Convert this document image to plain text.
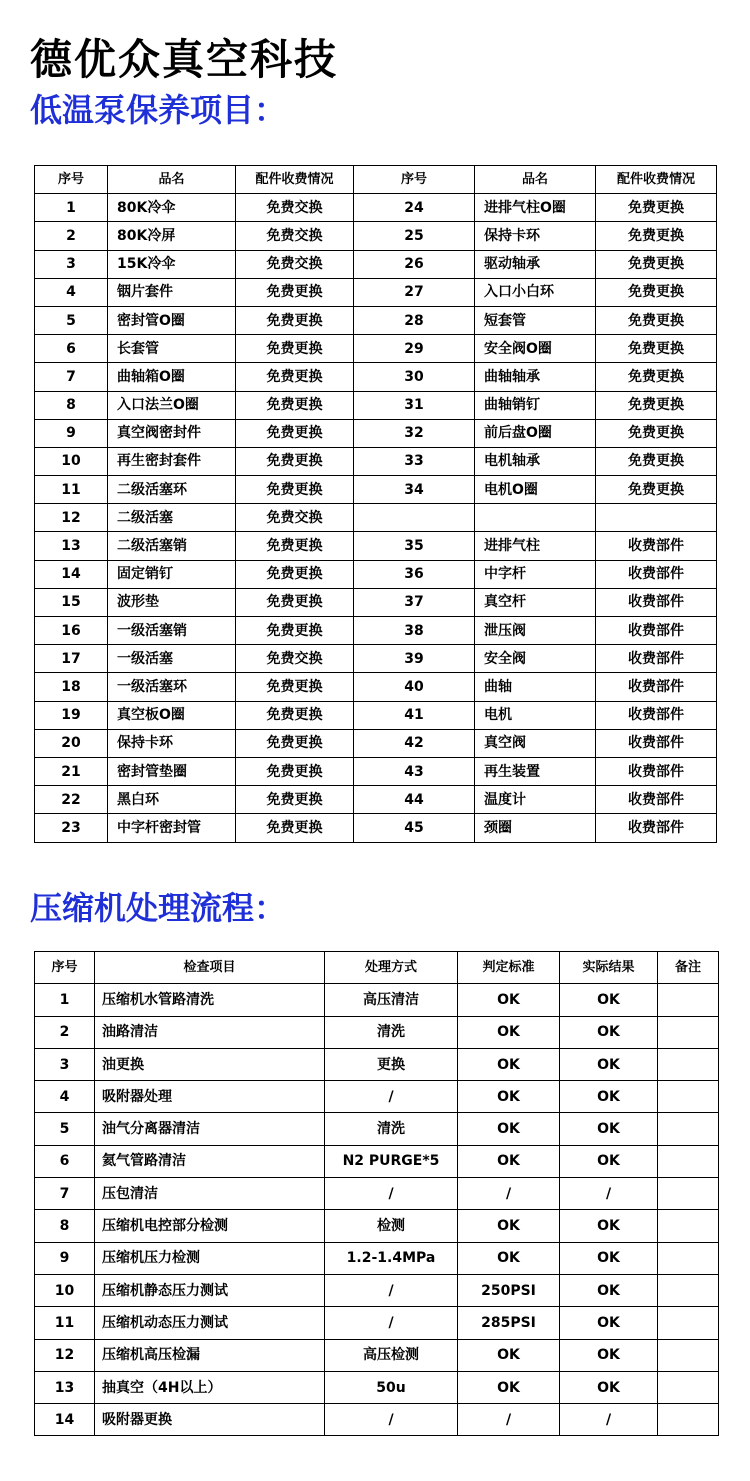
德优众真空科技
低温泵保养项目：
序号	品名	配件收费情况	序号	品名	配件收费情况
1	80K冷伞	免费交换	24	进排气柱O圈	免费更换
2	80K冷屏	免费交换	25	保持卡环	免费更换
3	15K冷伞	免费交换	26	驱动轴承	免费更换
4	铟片套件	免费更换	27	入口小白环	免费更换
5	密封管O圈	免费更换	28	短套管	免费更换
6	长套管	免费更换	29	安全阀O圈	免费更换
7	曲轴箱O圈	免费更换	30	曲轴轴承	免费更换
8	入口法兰O圈	免费更换	31	曲轴销钉	免费更换
9	真空阀密封件	免费更换	32	前后盘O圈	免费更换
10	再生密封套件	免费更换	33	电机轴承	免费更换
11	二级活塞环	免费更换	34	电机O圈	免费更换
12	二级活塞	免费交换			
13	二级活塞销	免费更换	35	进排气柱	收费部件
14	固定销钉	免费更换	36	中字杆	收费部件
15	波形垫	免费更换	37	真空杆	收费部件
16	一级活塞销	免费更换	38	泄压阀	收费部件
17	一级活塞	免费交换	39	安全阀	收费部件
18	一级活塞环	免费更换	40	曲轴	收费部件
19	真空板O圈	免费更换	41	电机	收费部件
20	保持卡环	免费更换	42	真空阀	收费部件
21	密封管垫圈	免费更换	43	再生装置	收费部件
22	黑白环	免费更换	44	温度计	收费部件
23	中字杆密封管	免费更换	45	颈圈	收费部件
压缩机处理流程：
序号	检查项目	处理方式	判定标准	实际结果	备注
1	压缩机水管路清洗	高压清洁	OK	OK	
2	油路清洁	清洗	OK	OK	
3	油更换	更换	OK	OK	
4	吸附器处理	/	OK	OK	
5	油气分离器清洁	清洗	OK	OK	
6	氦气管路清洁	N2 PURGE*5	OK	OK	
7	压包清洁	/	/	/	
8	压缩机电控部分检测	检测	OK	OK	
9	压缩机压力检测	1.2-1.4MPa	OK	OK	
10	压缩机静态压力测试	/	250PSI	OK	
11	压缩机动态压力测试	/	285PSI	OK	
12	压缩机高压检漏	高压检测	OK	OK	
13	抽真空（4H以上）	50u	OK	OK	
14	吸附器更换	/	/	/	
